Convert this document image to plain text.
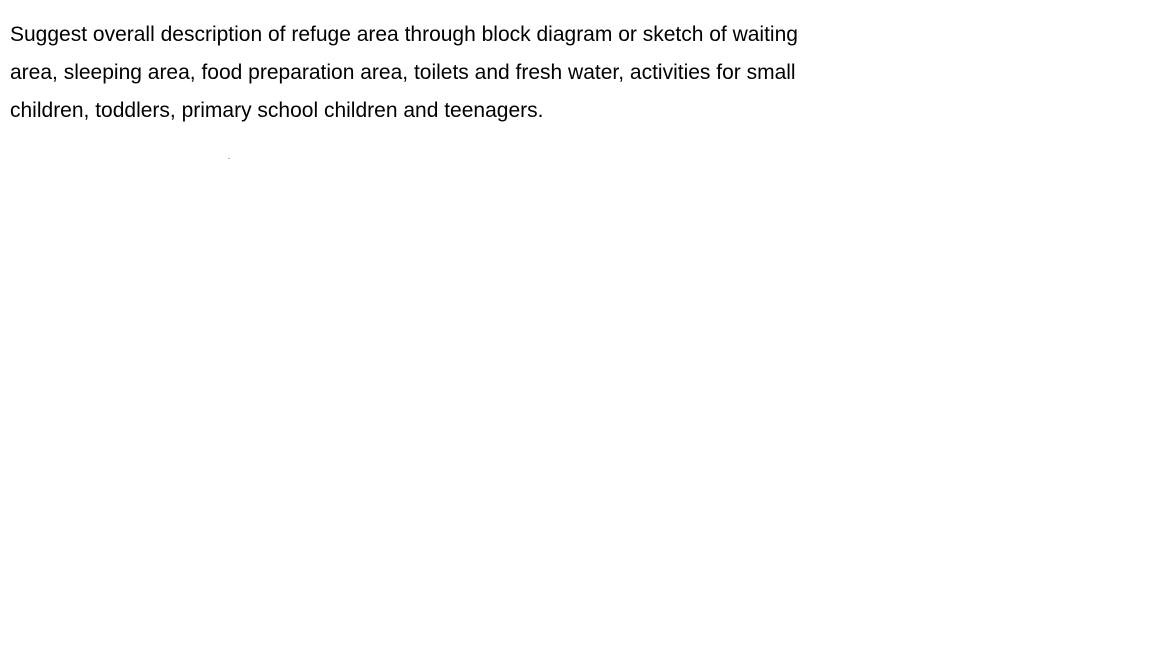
Suggest overall description of refuge area through block diagram or sketch of waiting
area, sleeping area, food preparation area, toilets and fresh water, activities for small
children, toddlers, primary school children and teenagers.
